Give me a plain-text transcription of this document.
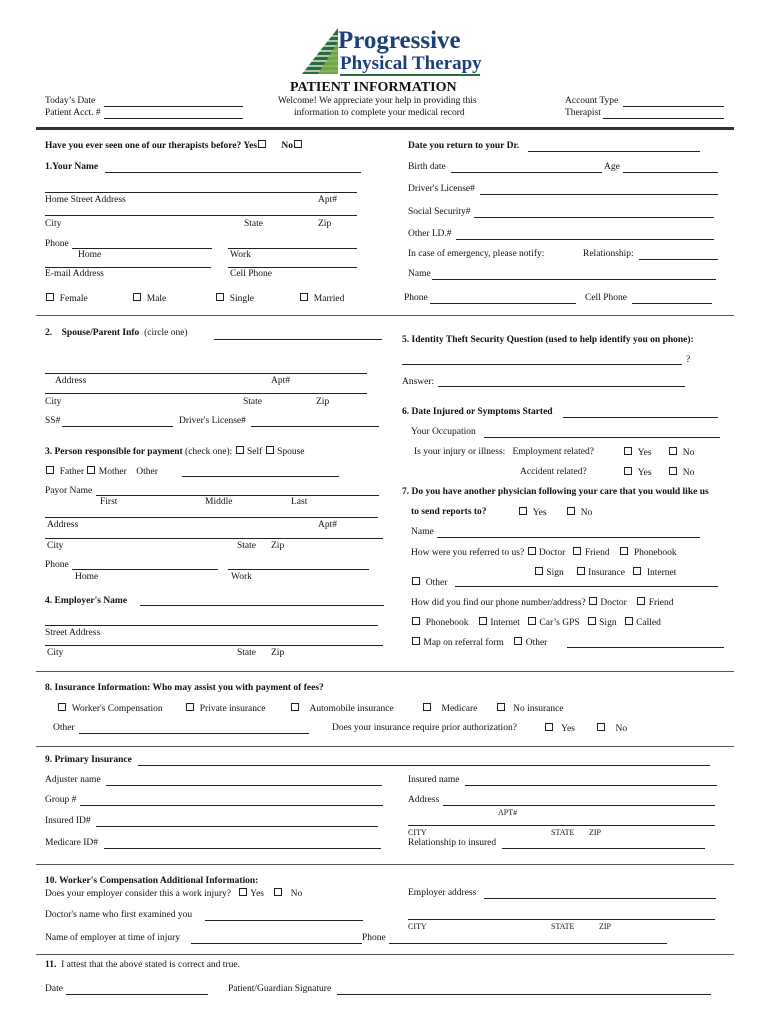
Progressive
Physical Therapy
PATIENT INFORMATION
Today’s Date
Patient Acct. #
Welcome! We appreciate your help in providing this
information to complete your medical record
Account Type
Therapist
Have you ever seen one of our therapists before? Yes	No
1.Your Name
Home Street Address	Apt#
City	State	Zip
Phone
Home	Work
E-mail Address	Cell Phone
Female	Male	Single	Married
Date you return to your Dr.
Birth date	Age
Driver's License#
Social Security#
Other I.D.#
In case of emergency, please notify:	Relationship:
Name
Phone	Cell Phone
2. Spouse/Parent Info (circle one)
Address	Apt#
City	State	Zip
SS#	Driver's License#
5. Identity Theft Security Question (used to help identify you on phone):
?
Answer:
6. Date Injured or Symptoms Started
Your Occupation
Is your injury or illness: Employment related?	Yes	No
Accident related?	Yes	No
3. Person responsible for payment (check one): Self Spouse
Father Mother Other
Payor Name
First	Middle	Last
Address	Apt#
City	State Zip
Phone
Home	Work
4. Employer's Name
Street Address
City	State Zip
7. Do you have another physician following your care that you would like us
to send reports to?	Yes	No
Name
How were you referred to us? Doctor Friend	Phonebook
Sign	Insurance Internet
Other
How did you find our phone number/address? Doctor Friend
Phonebook Internet Car’s GPS Sign Called
Map on referral form Other
8. Insurance Information: Who may assist you with payment of fees?
Worker's Compensation	Private insurance	Automobile insurance	Medicare	No insurance
Other	Does your insurance require prior authorization?	Yes	No
9. Primary Insurance
Adjuster name	Insured name
Group #	Address
APT#
Insured ID#
CITY	STATE ZIP
Medicare ID#	Relationship to insured
10. Worker's Compensation Additional Information:
Does your employer consider this a work injury? Yes	No	Employer address
Doctor's name who first examined you
CITY	STATE	ZIP
Name of employer at time of injury	Phone
11. I attest that the above stated is correct and true.
Date	Patient/Guardian Signature
